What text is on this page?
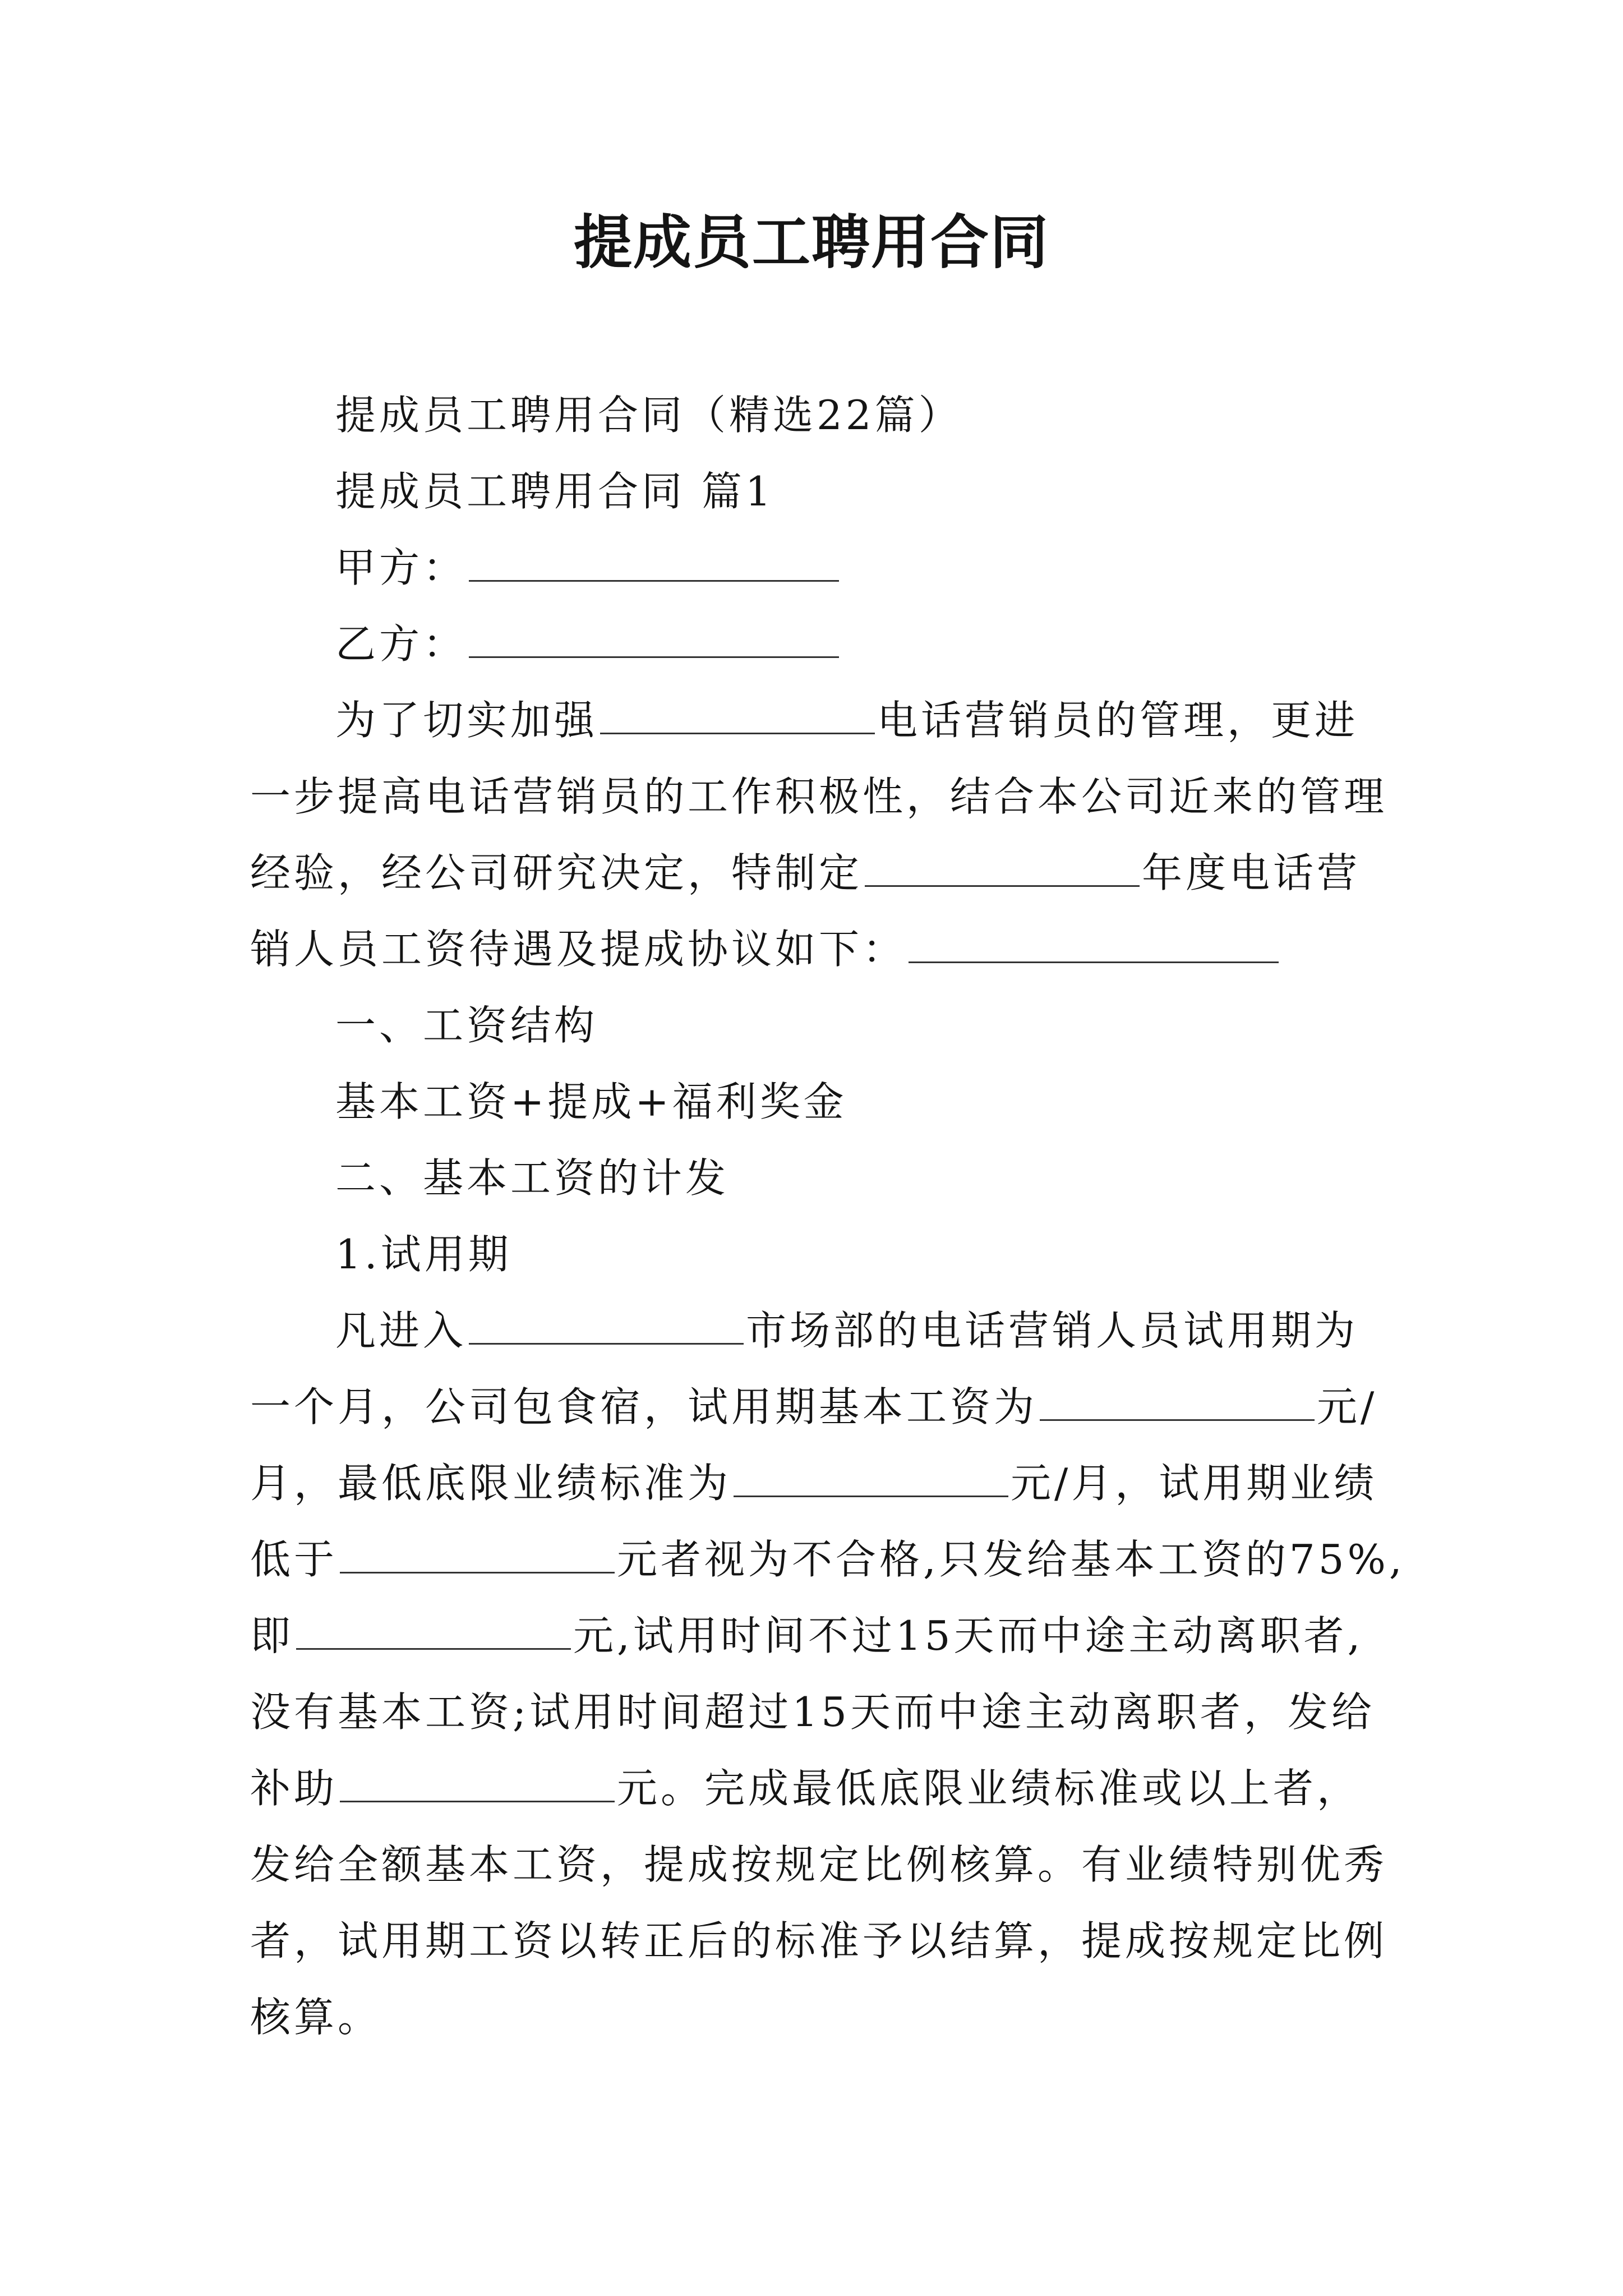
提成员工聘用合同
提成员工聘用合同（精选22篇）
提成员工聘用合同 篇1
甲方：
乙方：
为了切实加强	电话营销员的管理，更进
一步提高电话营销员的工作积极性，结合本公司近来的管理
经验，经公司研究决定，特制定	年度电话营
销人员工资待遇及提成协议如下：
一、工资结构
基本工资+提成+福利奖金
二、基本工资的计发
1.试用期
凡进入	市场部的电话营销人员试用期为
一个月，公司包食宿，试用期基本工资为	元/
月，最低底限业绩标准为	元/月，试用期业绩
低于	元者视为不合格,只发给基本工资的75%,
即	元,试用时间不过15天而中途主动离职者,
没有基本工资;试用时间超过15天而中途主动离职者，发给
补助	元。完成最低底限业绩标准或以上者，
发给全额基本工资，提成按规定比例核算。有业绩特别优秀
者，试用期工资以转正后的标准予以结算，提成按规定比例
核算。
